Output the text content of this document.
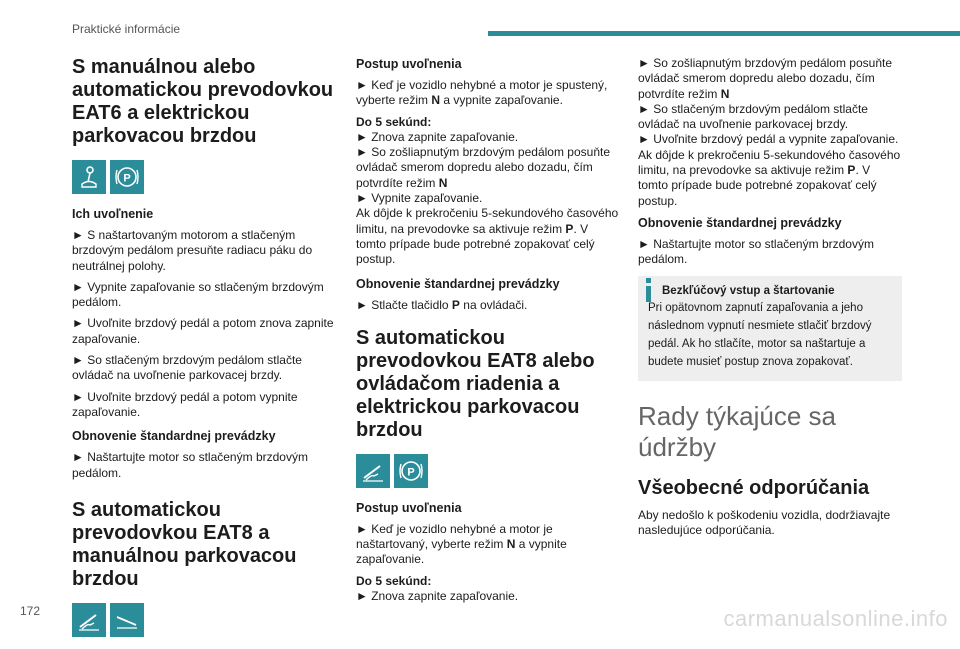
Praktické informácie
S manuálnou alebo automatickou prevodovkou EAT6 a elektrickou parkovacou brzdou
P
Ich uvoľnenie

► S naštartovaným motorom a stlačeným brzdovým pedálom presuňte radiacu páku do neutrálnej polohy.

► Vypnite zapaľovanie so stlačeným brzdovým pedálom.

► Uvoľnite brzdový pedál a potom znova zapnite zapaľovanie.

► So stlačeným brzdovým pedálom stlačte ovládač na uvoľnenie parkovacej brzdy.

► Uvoľnite brzdový pedál a potom vypnite zapaľovanie.

Obnovenie štandardnej prevádzky

► Naštartujte motor so stlačeným brzdovým pedálom.

S automatickou prevodovkou EAT8 a manuálnou parkovacou brzdou
Postup uvoľnenia

► Keď je vozidlo nehybné a motor je spustený, vyberte režim N a vypnite zapaľovanie.

Do 5 sekúnd:

► Znova zapnite zapaľovanie.

► So zošliapnutým brzdovým pedálom posuňte ovládač smerom dopredu alebo dozadu, čím potvrdíte režim N

► Vypnite zapaľovanie.

Ak dôjde k prekročeniu 5-sekundového časového limitu, na prevodovke sa aktivuje režim P. V tomto prípade bude potrebné zopakovať celý postup.

Obnovenie štandardnej prevádzky

► Stlačte tlačidlo P na ovládači.

S automatickou prevodovkou EAT8 alebo ovládačom riadenia a elektrickou parkovacou brzdou
P
Postup uvoľnenia

► Keď je vozidlo nehybné a motor je naštartovaný, vyberte režim N a vypnite zapaľovanie.

Do 5 sekúnd:

► Znova zapnite zapaľovanie.

► So zošliapnutým brzdovým pedálom posuňte ovládač smerom dopredu alebo dozadu, čím potvrdíte režim N

► So stlačeným brzdovým pedálom stlačte ovládač na uvoľnenie parkovacej brzdy.

► Uvoľnite brzdový pedál a vypnite zapaľovanie.

Ak dôjde k prekročeniu 5-sekundového časového limitu, na prevodovke sa aktivuje režim P. V tomto prípade bude potrebné zopakovať celý postup.

Obnovenie štandardnej prevádzky

► Naštartujte motor so stlačeným brzdovým pedálom.

Bezkľúčový vstup a štartovanie

Pri opätovnom zapnutí zapaľovania a jeho následnom vypnutí nesmiete stlačiť brzdový pedál. Ak ho stlačíte, motor sa naštartuje a budete musieť postup znova zopakovať.

Rady týkajúce sa údržby
Všeobecné odporúčania

Aby nedošlo k poškodeniu vozidla, dodržiavajte nasledujúce odporúčania.

172	carmanualsonline.info
